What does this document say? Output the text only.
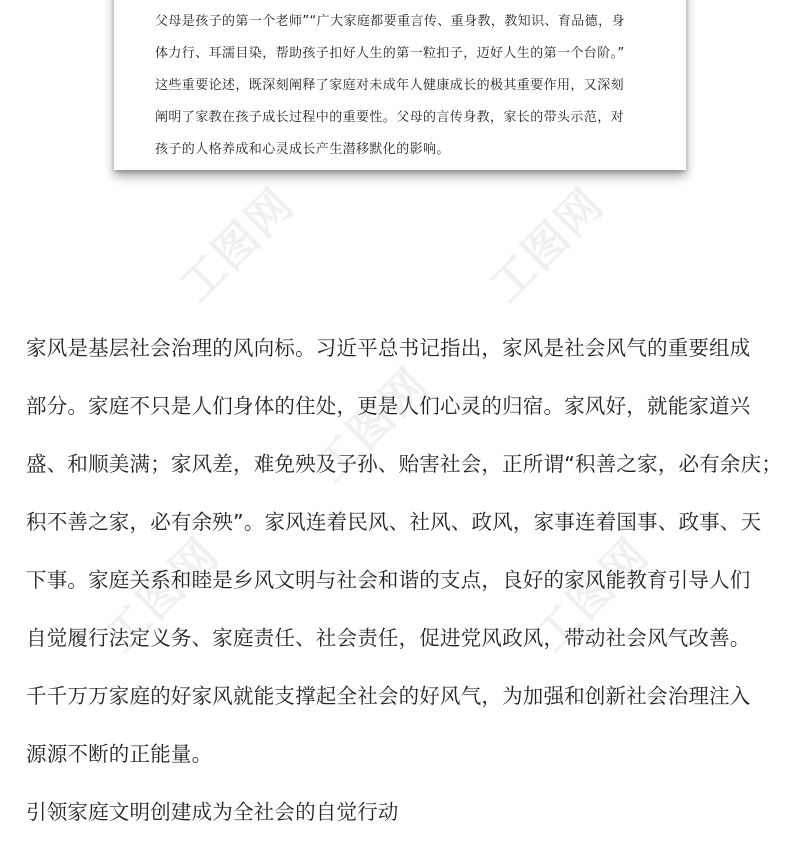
工图网	工图网
工图网
工图网	工图网
父母是孩子的第一个老师”“广大家庭都要重言传、重身教，教知识、育品德，身
体力行、耳濡目染，帮助孩子扣好人生的第一粒扣子，迈好人生的第一个台阶。”
这些重要论述，既深刻阐释了家庭对未成年人健康成长的极其重要作用，又深刻
阐明了家教在孩子成长过程中的重要性。父母的言传身教，家长的带头示范，对
孩子的人格养成和心灵成长产生潜移默化的影响。
家风是基层社会治理的风向标。习近平总书记指出，家风是社会风气的重要组成
部分。家庭不只是人们身体的住处，更是人们心灵的归宿。家风好，就能家道兴
盛、和顺美满；家风差，难免殃及子孙、贻害社会，正所谓“积善之家，必有余庆；
积不善之家，必有余殃”。家风连着民风、社风、政风，家事连着国事、政事、天
下事。家庭关系和睦是乡风文明与社会和谐的支点，良好的家风能教育引导人们
自觉履行法定义务、家庭责任、社会责任，促进党风政风，带动社会风气改善。
千千万万家庭的好家风就能支撑起全社会的好风气，为加强和创新社会治理注入
源源不断的正能量。
引领家庭文明创建成为全社会的自觉行动
